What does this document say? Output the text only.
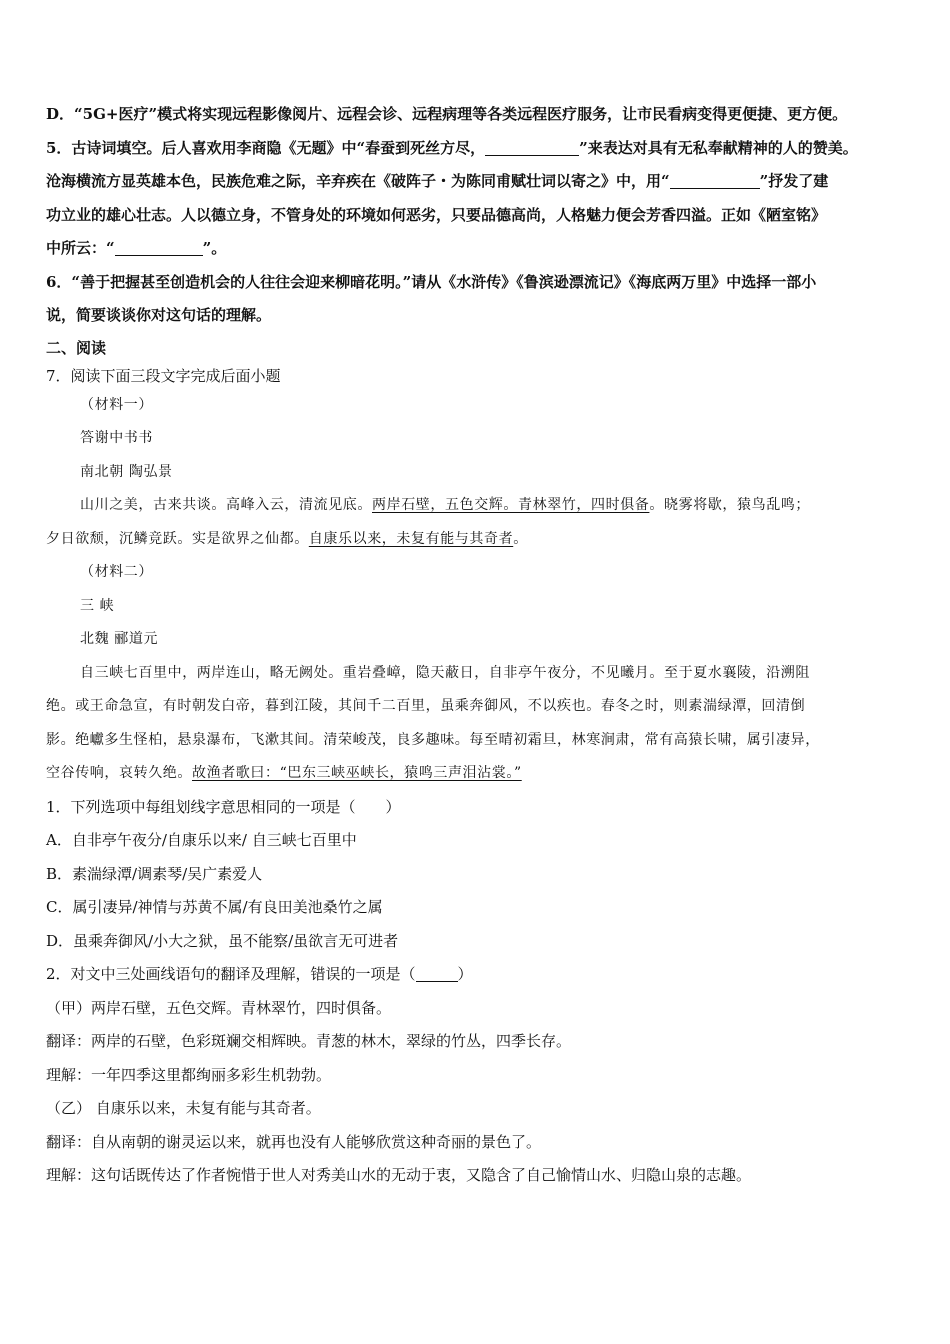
D．“5G+医疗”模式将实现远程影像阅片、远程会诊、远程病理等各类远程医疗服务，让市民看病变得更便捷、更方便。

5．古诗词填空。后人喜欢用李商隐《无题》中“春蚕到死丝方尽，	”来表达对具有无私奉献精神的人的赞美。

沧海横流方显英雄本色，民族危难之际，辛弃疾在《破阵子・为陈同甫赋壮词以寄之》中，用“	”抒发了建

功立业的雄心壮志。人以德立身，不管身处的环境如何恶劣，只要品德高尚，人格魅力便会芳香四溢。正如《陋室铭》

中所云：“	”。

6．“善于把握甚至创造机会的人往往会迎来柳暗花明。”请从《水浒传》《鲁滨逊漂流记》《海底两万里》中选择一部小

说，简要谈谈你对这句话的理解。

二、阅读

7．阅读下面三段文字完成后面小题

（材料一）

答谢中书书

南北朝 陶弘景

山川之美，古来共谈。高峰入云，清流见底。两岸石壁，五色交辉。青林翠竹，四时俱备。晓雾将歇，猿鸟乱鸣；

夕日欲颓，沉鳞竞跃。实是欲界之仙都。自康乐以来，未复有能与其奇者。

（材料二）

三 峡

北魏 郦道元

自三峡七百里中，两岸连山，略无阙处。重岩叠嶂，隐天蔽日，自非亭午夜分，不见曦月。至于夏水襄陵，沿溯阻

绝。或王命急宣，有时朝发白帝，暮到江陵，其间千二百里，虽乘奔御风，不以疾也。春冬之时，则素湍绿潭，回清倒

影。绝巘多生怪柏，悬泉瀑布，飞漱其间。清荣峻茂，良多趣味。每至晴初霜旦，林寒涧肃，常有高猿长啸，属引凄异，

空谷传响，哀转久绝。故渔者歌曰：“巴东三峡巫峡长，猿鸣三声泪沾裳。”

1．下列选项中每组划线字意思相同的一项是（　　）

A．自非亭午夜分/自康乐以来/ 自三峡七百里中

B．素湍绿潭/调素琴/吴广素爱人

C．属引凄异/神情与苏黄不属/有良田美池桑竹之属

D．虽乘奔御风/小大之狱，虽不能察/虽欲言无可进者

2．对文中三处画线语句的翻译及理解，错误的一项是（	）

（甲）两岸石壁，五色交辉。青林翠竹，四时俱备。

翻译：两岸的石壁，色彩斑斓交相辉映。青葱的林木，翠绿的竹丛，四季长存。

理解：一年四季这里都绚丽多彩生机勃勃。

（乙） 自康乐以来，未复有能与其奇者。

翻译：自从南朝的谢灵运以来，就再也没有人能够欣赏这种奇丽的景色了。

理解：这句话既传达了作者惋惜于世人对秀美山水的无动于衷，又隐含了自己愉情山水、归隐山泉的志趣。
